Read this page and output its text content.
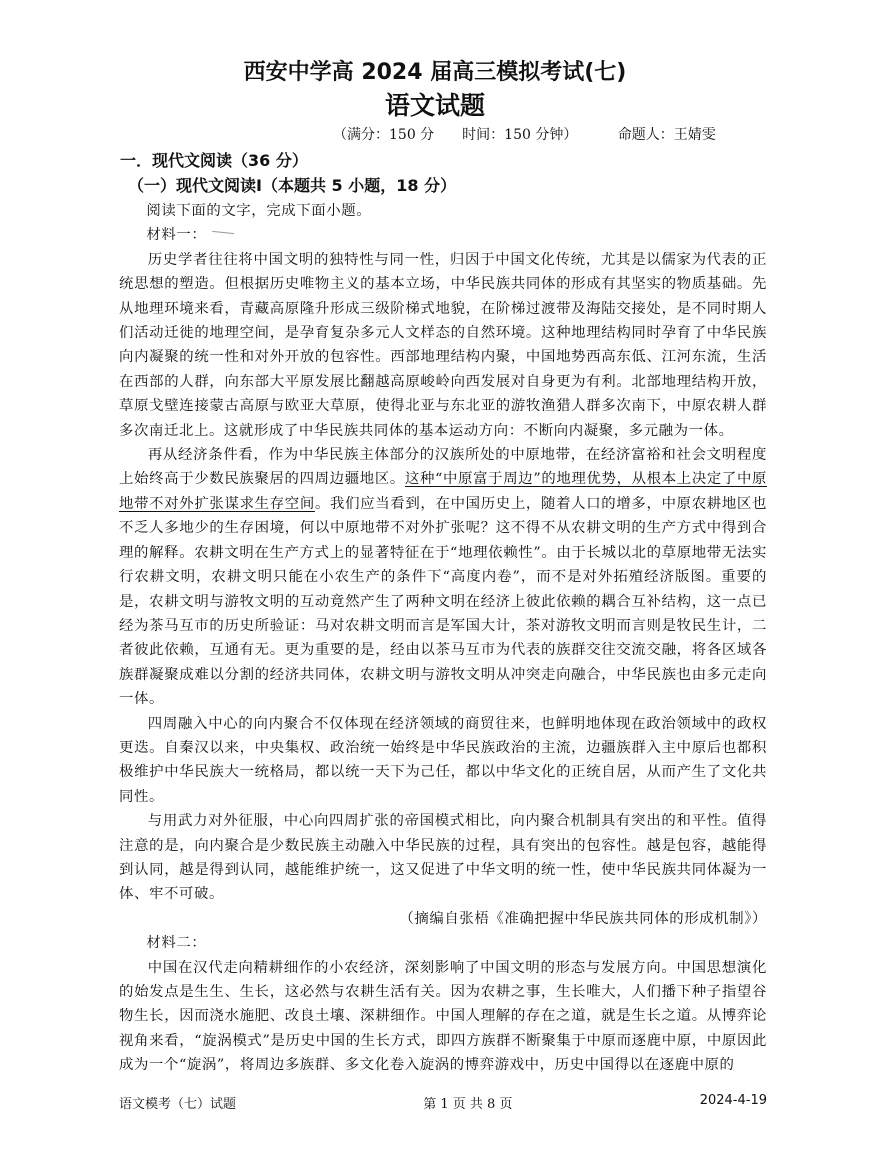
西安中学高 2024 届高三模拟考试(七)
语文试题
（满分：150 分　　时间：150 分钟）	命题人：王婧雯
一．现代文阅读（36 分）
（一）现代文阅读Ⅰ（本题共 5 小题，18 分）

阅读下面的文字，完成下面小题。

材料一：

历史学者往往将中国文明的独特性与同一性，归因于中国文化传统，尤其是以儒家为代表的正统思想的塑造。但根据历史唯物主义的基本立场，中华民族共同体的形成有其坚实的物质基础。先从地理环境来看，青藏高原隆升形成三级阶梯式地貌，在阶梯过渡带及海陆交接处，是不同时期人们活动迁徙的地理空间，是孕育复杂多元人文样态的自然环境。这种地理结构同时孕育了中华民族向内凝聚的统一性和对外开放的包容性。西部地理结构内聚，中国地势西高东低、江河东流，生活在西部的人群，向东部大平原发展比翻越高原峻岭向西发展对自身更为有利。北部地理结构开放，草原戈壁连接蒙古高原与欧亚大草原，使得北亚与东北亚的游牧渔猎人群多次南下，中原农耕人群多次南迁北上。这就形成了中华民族共同体的基本运动方向：不断向内凝聚，多元融为一体。

再从经济条件看，作为中华民族主体部分的汉族所处的中原地带，在经济富裕和社会文明程度上始终高于少数民族聚居的四周边疆地区。这种“中原富于周边”的地理优势，从根本上决定了中原地带不对外扩张谋求生存空间。我们应当看到，在中国历史上，随着人口的增多，中原农耕地区也不乏人多地少的生存困境，何以中原地带不对外扩张呢？这不得不从农耕文明的生产方式中得到合理的解释。农耕文明在生产方式上的显著特征在于“地理依赖性”。由于长城以北的草原地带无法实行农耕文明，农耕文明只能在小农生产的条件下“高度内卷”，而不是对外拓殖经济版图。重要的是，农耕文明与游牧文明的互动竟然产生了两种文明在经济上彼此依赖的耦合互补结构，这一点已经为茶马互市的历史所验证：马对农耕文明而言是军国大计，茶对游牧文明而言则是牧民生计，二者彼此依赖，互通有无。更为重要的是，经由以茶马互市为代表的族群交往交流交融，将各区域各族群凝聚成难以分割的经济共同体，农耕文明与游牧文明从冲突走向融合，中华民族也由多元走向一体。

四周融入中心的向内聚合不仅体现在经济领域的商贸往来，也鲜明地体现在政治领域中的政权更迭。自秦汉以来，中央集权、政治统一始终是中华民族政治的主流，边疆族群入主中原后也都积极维护中华民族大一统格局，都以统一天下为己任，都以中华文化的正统自居，从而产生了文化共同性。

与用武力对外征服，中心向四周扩张的帝国模式相比，向内聚合机制具有突出的和平性。值得注意的是，向内聚合是少数民族主动融入中华民族的过程，具有突出的包容性。越是包容，越能得到认同，越是得到认同，越能维护统一，这又促进了中华文明的统一性，使中华民族共同体凝为一体、牢不可破。

（摘编自张梧《准确把握中华民族共同体的形成机制》）

材料二：

中国在汉代走向精耕细作的小农经济，深刻影响了中国文明的形态与发展方向。中国思想演化的始发点是生生、生长，这必然与农耕生活有关。因为农耕之事，生长唯大，人们播下种子指望谷物生长，因而浇水施肥、改良土壤、深耕细作。中国人理解的存在之道，就是生长之道。从博弈论视角来看，“旋涡模式”是历史中国的生长方式，即四方族群不断聚集于中原而逐鹿中原，中原因此成为一个“旋涡”，将周边多族群、多文化卷入旋涡的博弈游戏中，历史中国得以在逐鹿中原的

语文模考（七）试题	第 1 页 共 8 页	2024-4-19
